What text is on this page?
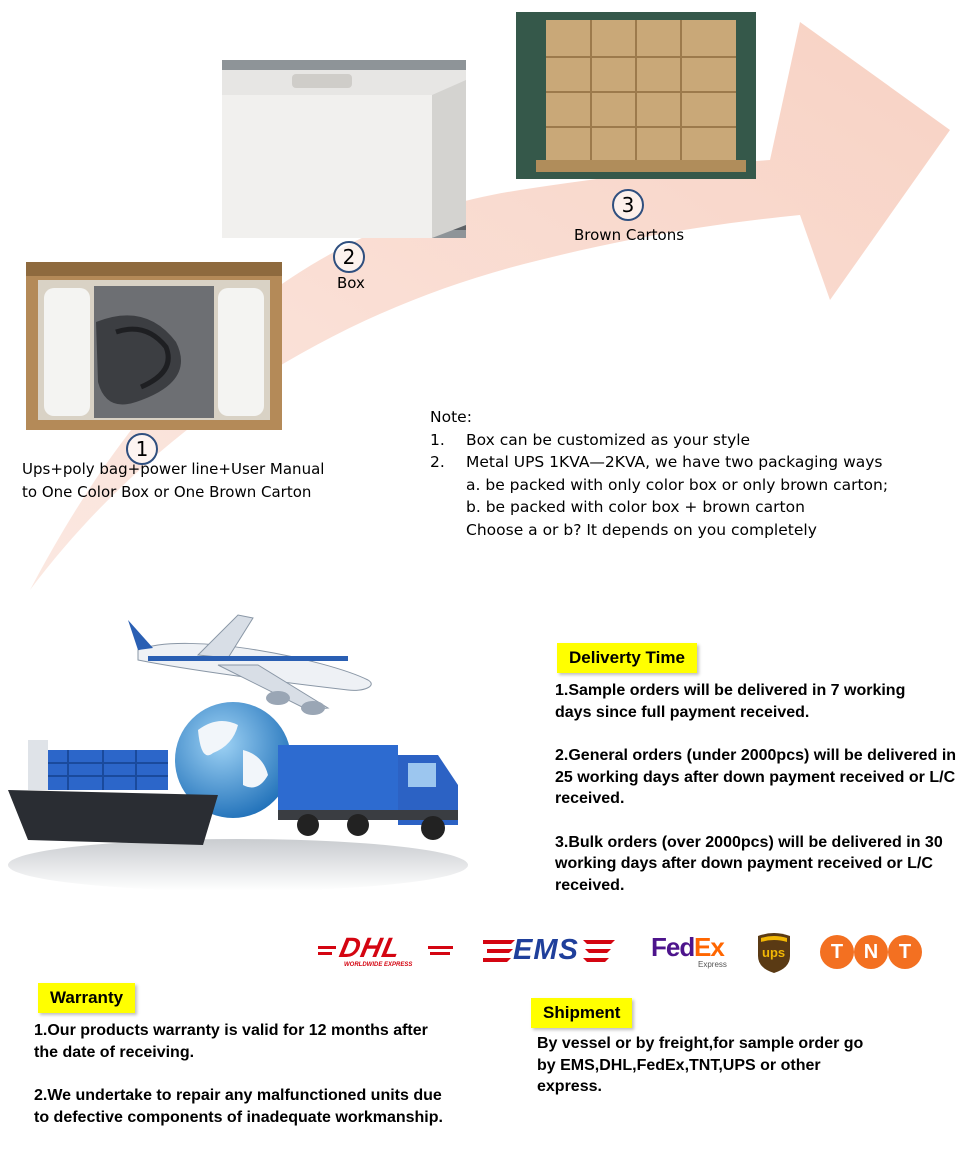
1
Ups+poly bag+power line+User Manual
to One Color Box or One Brown Carton
2
Box
3
Brown Cartons
Note:
1.	Box can be customized as your style
2.	Metal UPS 1KVA—2KVA, we have two packaging ways
a. be packed with only color box or only brown carton;
b. be packed with color box + brown carton
Choose a or b? It depends on you completely
Deliverty Time

1.Sample orders will be delivered in 7 working days since full payment received.

2.General orders (under 2000pcs) will be delivered in 25 working days after down payment received or L/C received.

3.Bulk orders (over 2000pcs) will be delivered in 30 working days after down payment received or L/C received.

DHL
WORLDWIDE EXPRESS	EMS	Fed Ex
Express
ups	T	N	T
Warranty

1.Our products warranty is valid for 12 months after the date of receiving.

2.We undertake to repair any malfunctioned units due to defective components of inadequate workmanship.

Shipment

By vessel or by freight,for sample order go by EMS,DHL,FedEx,TNT,UPS or other express.
